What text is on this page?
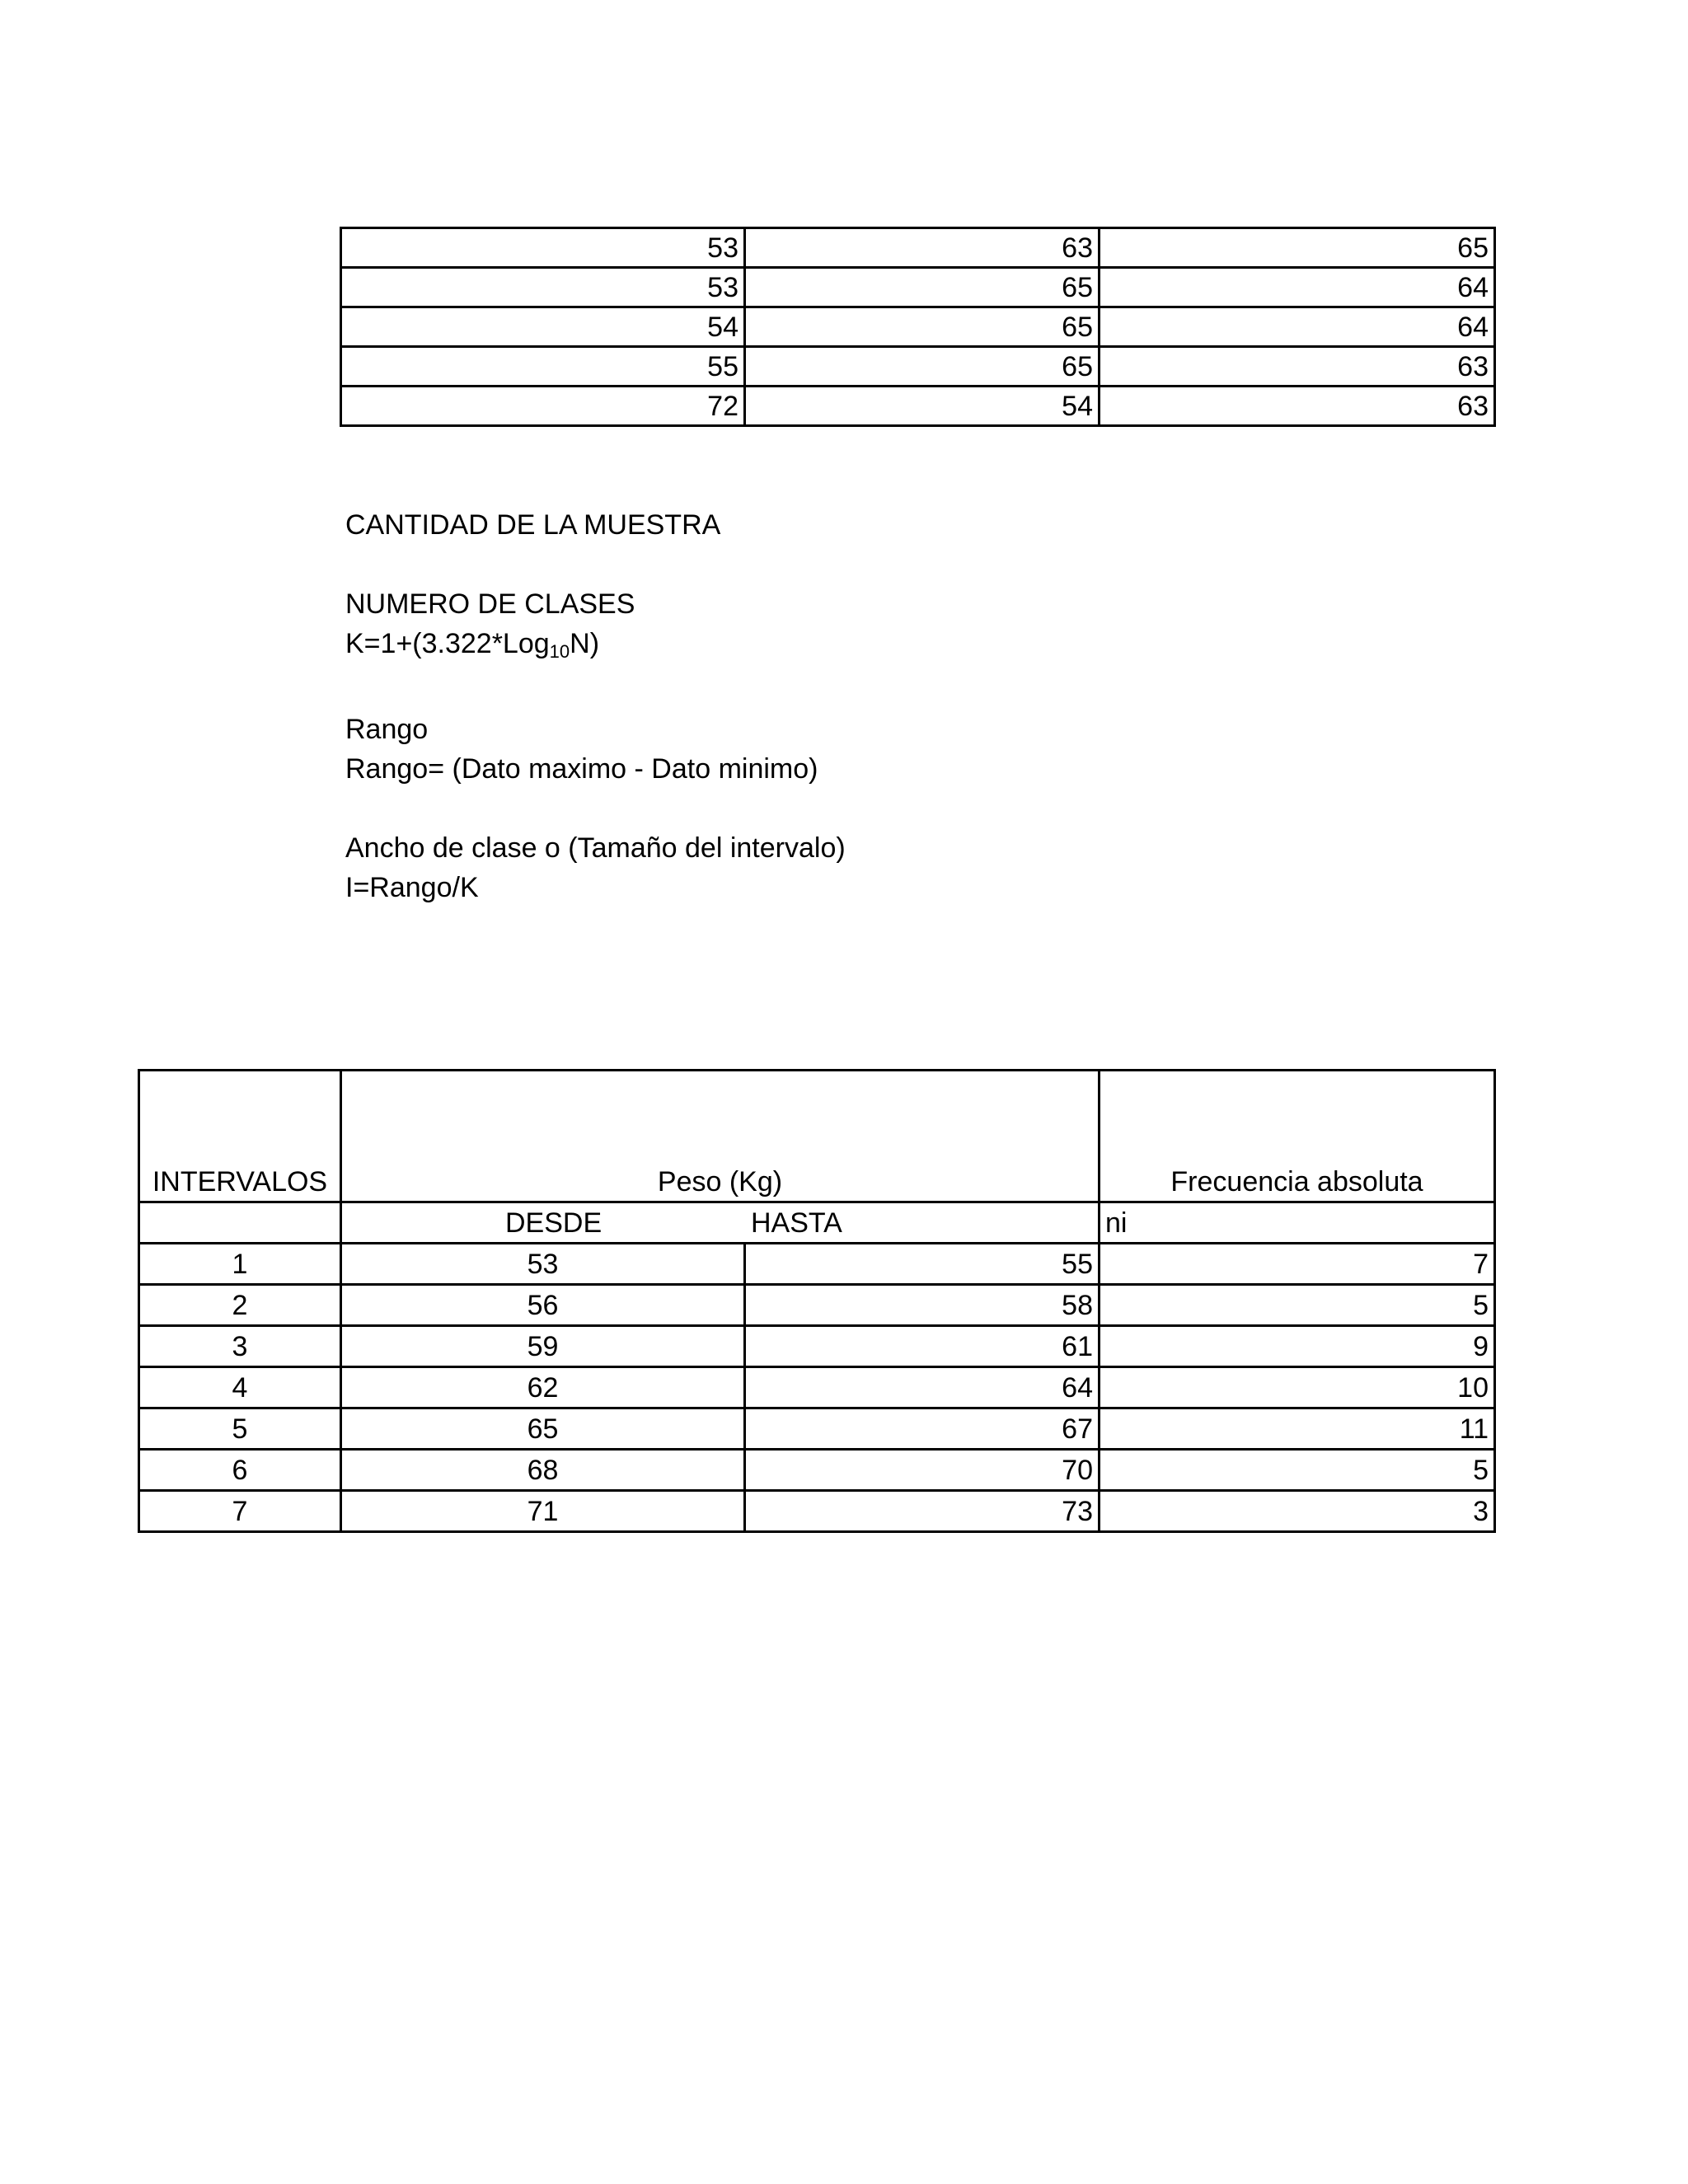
53	63	65
53	65	64
54	65	64
55	65	63
72	54	63
CANTIDAD DE LA MUESTRA
NUMERO DE CLASES
K=1+(3.322*Log$_{10}$N)
Rango
Rango= (Dato maximo - Dato minimo)
Ancho de clase o (Tamaño del intervalo)
I=Rango/K
INTERVALOS	Peso (Kg)		Frecuencia absoluta

	DESDE HASTA		ni
1	53	55	7
2	56	58	5
3	59	61	9
4	62	64	10
5	65	67	11
6	68	70	5
7	71	73	3
